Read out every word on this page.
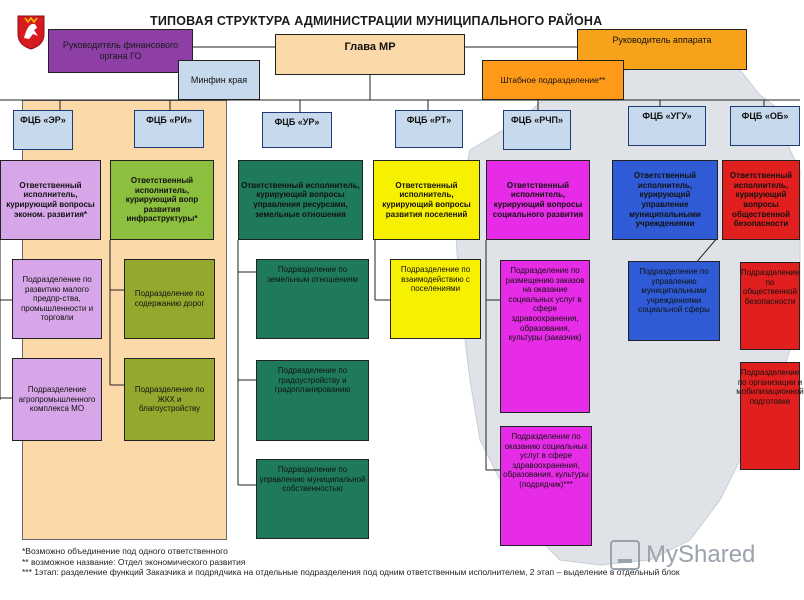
ТИПОВАЯ СТРУКТУРА АДМИНИСТРАЦИИ МУНИЦИПАЛЬНОГО РАЙОНА
Руководитель финансового органа ГО
Глава МР
Руководитель аппарата
Минфин края	Штабное подразделение**
ФЦБ «ЭР»	ФЦБ «РИ»	ФЦБ «УР»	ФЦБ «РТ»	ФЦБ «РЧП»	ФЦБ «УГУ»	ФЦБ «ОБ»
Ответственный исполнитель, курирующий вопросы эконом. развития*
Ответственный исполнитель, курирующий вопр развития инфраструктуры*
Ответственный исполнитель, курирующий вопросы управления ресурсами, земельные отношения
Ответственный исполнитель, курирующий вопросы развития поселений
Ответственный исполнитель, курирующий вопросы социального развития
Ответственный исполнитель, курирующий управление муниципальными учреждениями
Ответственный исполнитель, курирующий вопросы общественной безопасности
Подразделение по развитию малого предпр-ства, промышленности и торговли
Подразделение агропромышленного комплекса МО
Подразделение по содержанию дорог
Подразделение по ЖКХ и благоустройству
Подразделение по земельным отношениям
Подразделение по градоустройству и градопланированию
Подразделение по управлению муниципальной собственностью
Подразделение по взаимодействию с поселениями
Подразделение по размещению заказов на оказание социальных услуг в сфере здравоохранения, образования, культуры (заказчик)
Подразделение по оказанию социальных услуг в сфере здравоохранения, образования, культуры (подрядчик)***
Подразделение по управлению муниципальными учреждениями социальной сферы
Подразделение по общественной безопасности
Подразделение по организации и мобилизационной подготовке
*Возможно объединение под одного ответственного
** возможное название: Отдел экономического развития
*** 1этап: разделение функций Заказчика и подрядчика на отдельные подразделения под одним ответственным исполнителем, 2 этап – выделение в отдельный блок
MyShared
